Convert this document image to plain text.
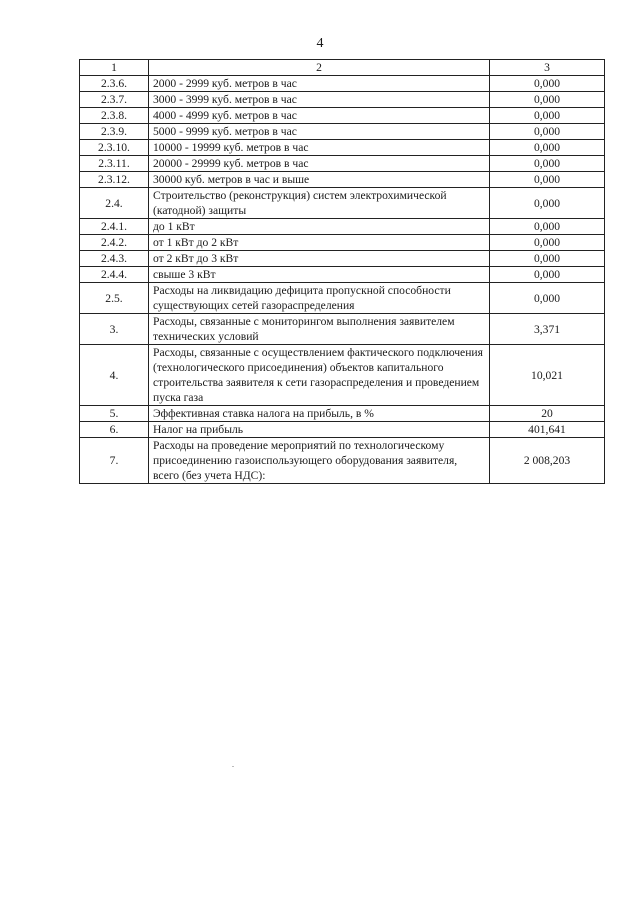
4
1	2	3
2.3.6.	2000 - 2999 куб. метров в час	0,000
2.3.7.	3000 - 3999 куб. метров в час	0,000
2.3.8.	4000 - 4999 куб. метров в час	0,000
2.3.9.	5000 - 9999 куб. метров в час	0,000
2.3.10.	10000 - 19999 куб. метров в час	0,000
2.3.11.	20000 - 29999 куб. метров в час	0,000
2.3.12.	30000 куб. метров в час и выше	0,000
2.4.	Строительство (реконструкция) систем электрохимической (катодной) защиты	0,000
2.4.1.	до 1 кВт	0,000
2.4.2.	от 1 кВт до 2 кВт	0,000
2.4.3.	от 2 кВт до 3 кВт	0,000
2.4.4.	свыше 3 кВт	0,000
2.5.	Расходы на ликвидацию дефицита пропускной способности существующих сетей газораспределения	0,000
3.	Расходы, связанные с мониторингом выполнения заявителем технических условий	3,371
4.	Расходы, связанные с осуществлением фактического подключения (технологического присоединения) объектов капитального строительства заявителя к сети газораспределения и проведением пуска газа	10,021
5.	Эффективная ставка налога на прибыль, в %	20
6.	Налог на прибыль	401,641
7.	Расходы на проведение мероприятий по технологическому присоединению газоиспользующего оборудования заявителя, всего (без учета НДС):	2 008,203
